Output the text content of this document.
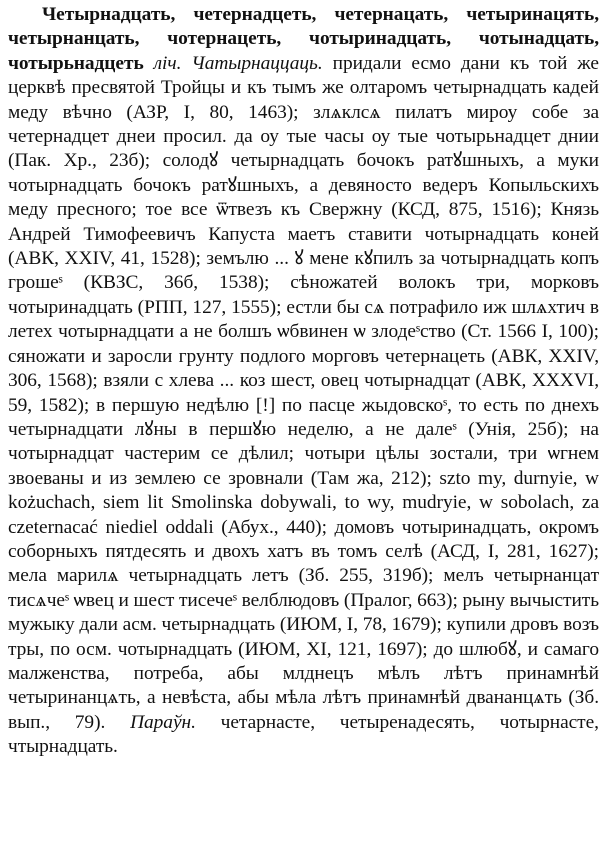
Четырнадцать, четернадцеть, четернацать, четыринацять, четырнанцать, чотернацеть, чотыринадцать, чотынадцать, чотырьнадцеть ліч. Чатырнаццаць. придали есмо дани къ той же церквѣ пресвятой Тройцы и къ тымъ же олтаромъ четырнадцать кадей меду вѣчно (АЗР, I, 80, 1463); злѧклсѧ пилатъ мироу собе за четернадцет днеи просил. да оу тые часы оу тые чотырьнадцет днии (Пак. Хр., 23б); солодꙋ четырнадцать бочокъ ратꙋшныхъ, а муки чотырнадцать бочокъ ратꙋшныхъ, а девяносто ведеръ Копыльскихъ меду пресного; тое все ѿтвезъ къ Свержну (КСД, 875, 1516); Князь Андрей Тимофеевичъ Капуста маетъ ставити чотырнадцать коней (АВК, XXIV, 41, 1528); земълю ... ꙋ мене кꙋпилъ за чотырнадцать копъ грошеˢ (КВЗС, 36б, 1538); сѣножатей волокъ три, морковъ чотыринадцать (РПП, 127, 1555); естли бы сѧ потрафило иж шлѧхтич в летех чотырнадцати а не болшъ ѡбвинен ѡ злодеˢство (Ст. 1566 I, 100); сяножати и заросли грунту подлого морговъ четернацеть (АВК, XXIV, 306, 1568); взяли с хлева ... коз шест, овец чотырнадцат (АВК, XXXVI, 59, 1582); в першую недѣлю [!] по пасце жыдовскоˢ, то есть по днехъ четырнадцати лꙋны в першꙋю неделю, а не далеˢ (Унія, 25б); на чотырнадцат частерим се дѣлил; чотыри цѣлы зостали, три ѡгнем звоеваны и из землею се зровнали (Там жа, 212); szto my, durnyie, w kożuchach, siem lit Smolinska dobywali, to wy, mudryie, w sobolach, za czeternacać niediel oddali (Абух., 440); домовъ чотыринадцать, окромъ соборныхъ пятдесять и двохъ хатъ въ томъ селѣ (АСД, I, 281, 1627); мела марилѧ четырнадцать летъ (Зб. 255, 319б); мелъ четырнанцат тисѧчеˢ ѡвец и шест тисечеˢ велблюдовъ (Пралог, 663); рыну вычыстить мужыку дали асм. четырнадцать (ИЮМ, I, 78, 1679); купили дровъ возъ тры, по осм. чотырнадцать (ИЮМ, XI, 121, 1697); до шлюбꙋ, и самаго малженства, потреба, абы млднецъ мѣлъ лѣтъ принамнѣй четыринанцѧть, а невѣста, абы мѣла лѣтъ принамнѣй двананцѧть (Зб. вып., 79). Параўн. четарнасте, четыренадесять, чотырнасте, чтырнадцать.
